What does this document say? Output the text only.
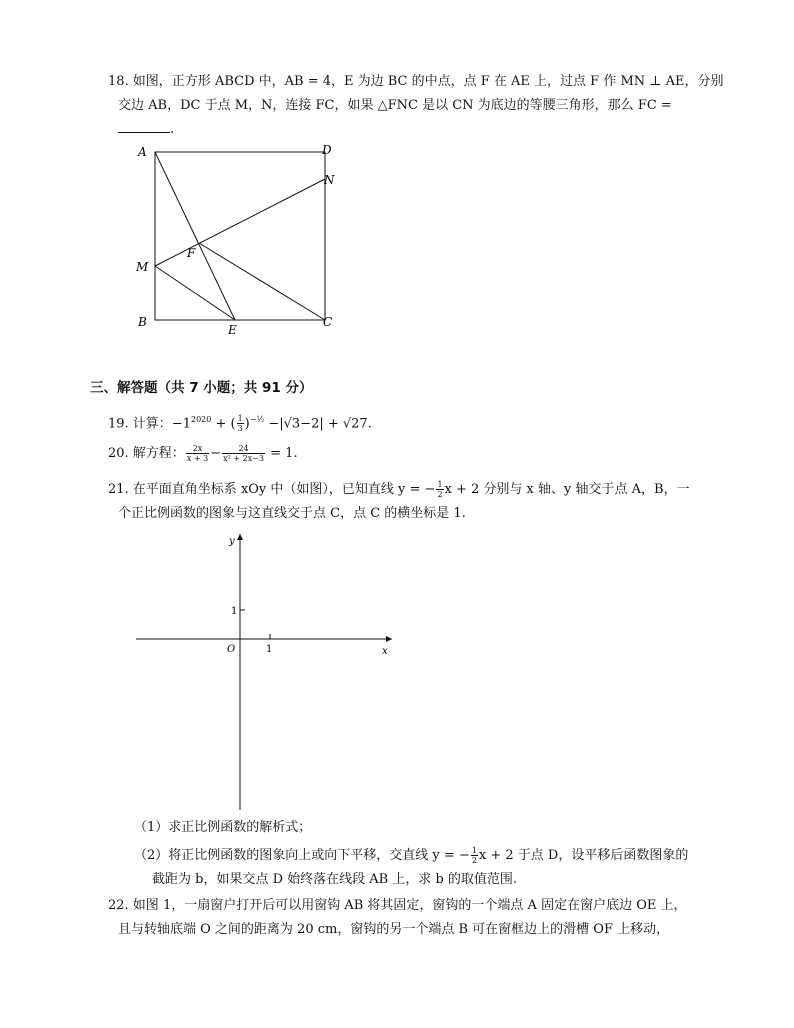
18. 如图，正方形 ABCD 中，AB = 4，E 为边 BC 的中点，点 F 在 AE 上，过点 F 作 MN ⊥ AE，分别
交边 AB，DC 于点 M，N，连接 FC，如果 △FNC 是以 CN 为底边的等腰三角形，那么 FC =
.
A	D
N
F
M
B
E
C
三、解答题（共 7 小题；共 91 分）
19. 计算：$-1^{2020}$ + ( $\frac{1}{3} )^{-\frac{1}{2}} -|√3-2| + √27$.
20. 解方程： $\frac{2x}{x + 3} - \frac{24}{\text{x² + 2x−3}} = 1$.
21. 在平面直角坐标系 xOy 中（如图），已知直线 y = − $\frac{1}{2}$ x + 2 分别与 x 轴、y 轴交于点 A，B，一
个正比例函数的图象与这直线交于点 C，点 C 的横坐标是 1.
y
x
O	1
1
（1）求正比例函数的解析式；
（2）将正比例函数的图象向上或向下平移，交直线 y = − $\frac{1}{2}$ x + 2 于点 D，设平移后函数图象的
截距为 b，如果交点 D 始终落在线段 AB 上，求 b 的取值范围.
22. 如图 1，一扇窗户打开后可以用窗钩 AB 将其固定，窗钩的一个端点 A 固定在窗户底边 OE 上，
且与转轴底端 O 之间的距离为 20 cm，窗钩的另一个端点 B 可在窗框边上的滑槽 OF 上移动，
